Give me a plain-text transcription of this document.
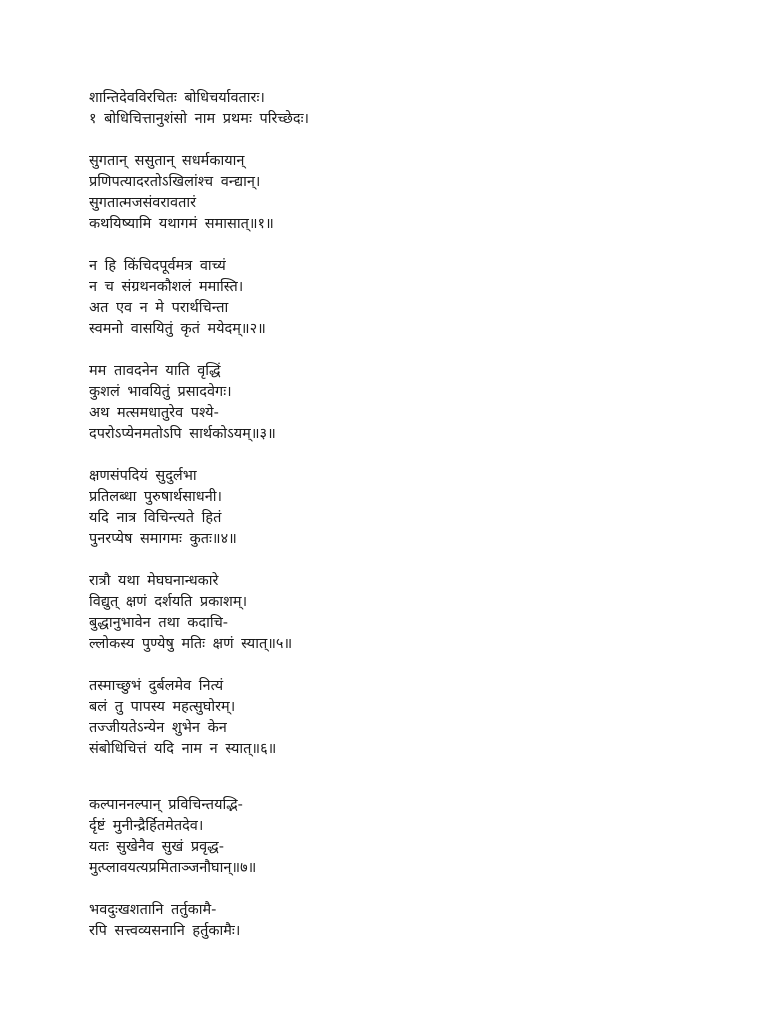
शान्तिदेवविरचितः बोधिचर्यावतारः।
१ बोधिचित्तानुशंसो नाम प्रथमः परिच्छेदः।
सुगतान् ससुतान् सधर्मकायान्
प्रणिपत्यादरतोऽखिलांश्च वन्द्यान्।
सुगतात्मजसंवरावतारं
कथयिष्यामि यथागमं समासात्॥१॥
न हि किंचिदपूर्वमत्र वाच्यं
न च संग्रथनकौशलं ममास्ति।
अत एव न मे परार्थचिन्ता
स्वमनो वासयितुं कृतं मयेदम्॥२॥
मम तावदनेन याति वृद्धिं
कुशलं भावयितुं प्रसादवेगः।
अथ मत्समधातुरेव पश्ये-
दपरोऽप्येनमतोऽपि सार्थकोऽयम्॥३॥
क्षणसंपदियं सुदुर्लभा
प्रतिलब्धा पुरुषार्थसाधनी।
यदि नात्र विचिन्त्यते हितं
पुनरप्येष समागमः कुतः॥४॥
रात्रौ यथा मेघघनान्धकारे
विद्युत् क्षणं दर्शयति प्रकाशम्।
बुद्धानुभावेन तथा कदाचि-
ल्लोकस्य पुण्येषु मतिः क्षणं स्यात्॥५॥
तस्माच्छुभं दुर्बलमेव नित्यं
बलं तु पापस्य महत्सुघोरम्।
तज्जीयतेऽन्येन शुभेन केन
संबोधिचित्तं यदि नाम न स्यात्॥६॥
कल्पाननल्पान् प्रविचिन्तयद्भि-
र्दृष्टं मुनीन्द्रैर्हितमेतदेव।
यतः सुखेनैव सुखं प्रवृद्ध-
मुत्प्लावयत्यप्रमिताञ्जनौघान्॥७॥
भवदुःखशतानि तर्तुकामै-
रपि सत्त्वव्यसनानि हर्तुकामैः।
